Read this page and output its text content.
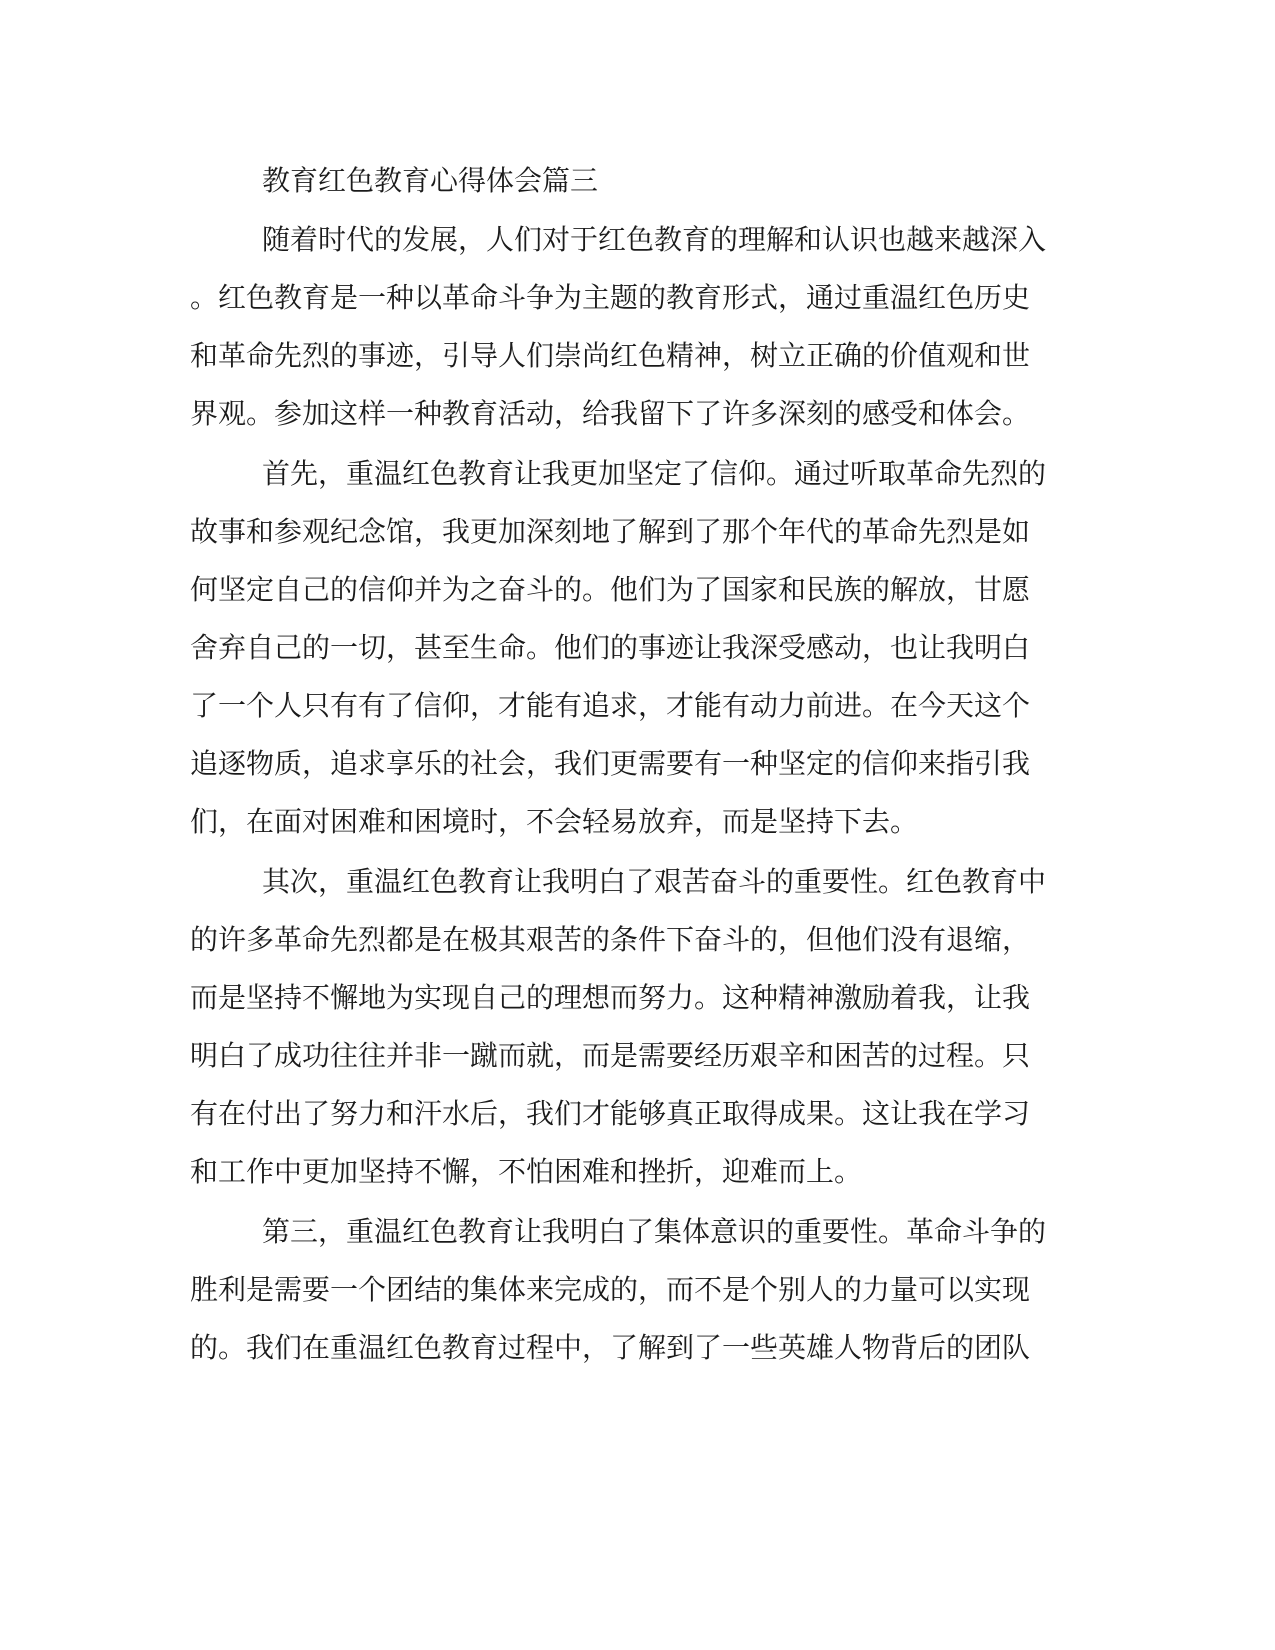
教育红色教育心得体会篇三
随着时代的发展，人们对于红色教育的理解和认识也越来越深入
。红色教育是一种以革命斗争为主题的教育形式，通过重温红色历史
和革命先烈的事迹，引导人们崇尚红色精神，树立正确的价值观和世
界观。参加这样一种教育活动，给我留下了许多深刻的感受和体会。
首先，重温红色教育让我更加坚定了信仰。通过听取革命先烈的
故事和参观纪念馆，我更加深刻地了解到了那个年代的革命先烈是如
何坚定自己的信仰并为之奋斗的。他们为了国家和民族的解放，甘愿
舍弃自己的一切，甚至生命。他们的事迹让我深受感动，也让我明白
了一个人只有有了信仰，才能有追求，才能有动力前进。在今天这个
追逐物质，追求享乐的社会，我们更需要有一种坚定的信仰来指引我
们，在面对困难和困境时，不会轻易放弃，而是坚持下去。
其次，重温红色教育让我明白了艰苦奋斗的重要性。红色教育中
的许多革命先烈都是在极其艰苦的条件下奋斗的，但他们没有退缩，
而是坚持不懈地为实现自己的理想而努力。这种精神激励着我，让我
明白了成功往往并非一蹴而就，而是需要经历艰辛和困苦的过程。只
有在付出了努力和汗水后，我们才能够真正取得成果。这让我在学习
和工作中更加坚持不懈，不怕困难和挫折，迎难而上。
第三，重温红色教育让我明白了集体意识的重要性。革命斗争的
胜利是需要一个团结的集体来完成的，而不是个别人的力量可以实现
的。我们在重温红色教育过程中，了解到了一些英雄人物背后的团队
